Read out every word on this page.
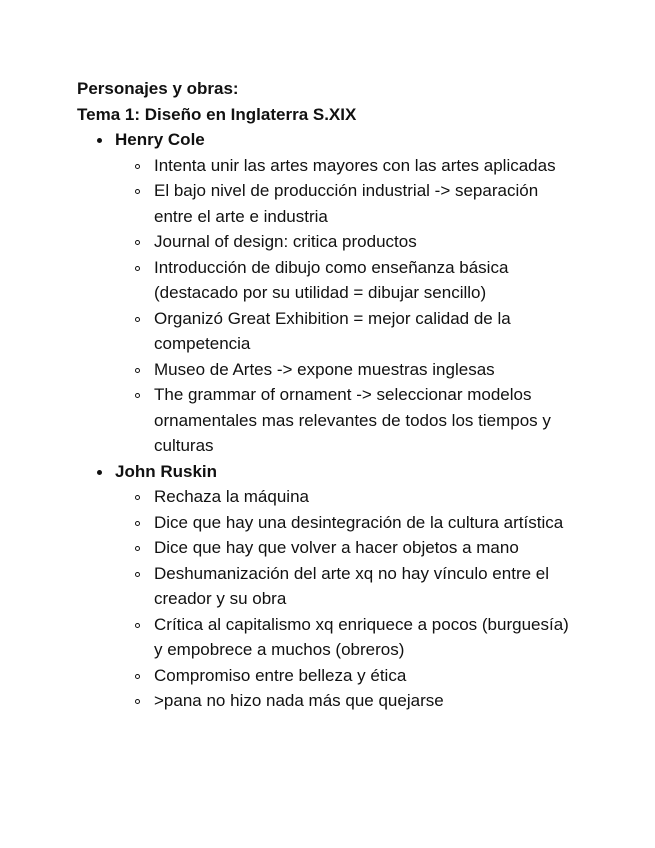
Personajes y obras:

Tema 1: Diseño en Inglaterra S.XIX

Henry Cole
Intenta unir las artes mayores con las artes aplicadas
El bajo nivel de producción industrial -> separación entre el arte e industria
Journal of design: critica productos
Introducción de dibujo como enseñanza básica (destacado por su utilidad = dibujar sencillo)
Organizó Great Exhibition = mejor calidad de la competencia
Museo de Artes -> expone muestras inglesas
The grammar of ornament -> seleccionar modelos ornamentales mas relevantes de todos los tiempos y culturas
John Ruskin
Rechaza la máquina
Dice que hay una desintegración de la cultura artística
Dice que hay que volver a hacer objetos a mano
Deshumanización del arte xq no hay vínculo entre el creador y su obra
Crítica al capitalismo xq enriquece a pocos (burguesía) y empobrece a muchos (obreros)
Compromiso entre belleza y ética
>pana no hizo nada más que quejarse
